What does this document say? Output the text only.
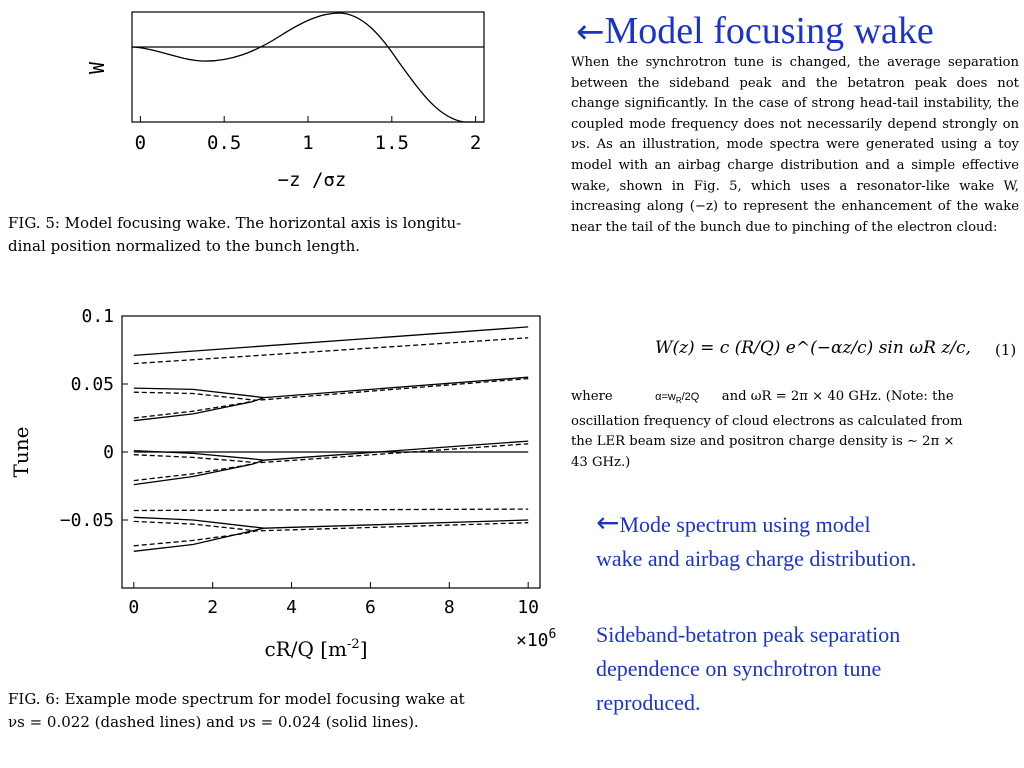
←Model focusing wake
0	0.5	1	1.5	2
W
−z /σz
FIG. 5: Model focusing wake. The horizontal axis is longitu-
dinal position normalized to the bunch length.
0	2	4	6	8	10
0.1
0.05
0
−0.05
Tune
cR/Q $[m^{-2}]$	$\times 10^6$
FIG. 6: Example mode spectrum for model focusing wake at
νs = 0.022 (dashed lines) and νs = 0.024 (solid lines).
When the synchrotron tune is changed, the average separation between the sideband peak and the betatron peak does not change significantly. In the case of strong head-tail instability, the coupled mode frequency does not necessarily depend strongly on νs. As an illustration, mode spectra were generated using a toy model with an airbag charge distribution and a simple effective wake, shown in Fig. 5, which uses a resonator-like wake W, increasing along (−z) to represent the enhancement of the wake near the tail of the bunch due to pinching of the electron cloud:
W(z) = c (R/Q) e^(−αz/c) sin ωR z/c, (1)
where	$\alpha=w_R/2Q$ and ωR = 2π × 40 GHz. (Note: the
oscillation frequency of cloud electrons as calculated from
the LER beam size and positron charge density is ∼ 2π ×
43 GHz.)
←Mode spectrum using model
wake and airbag charge distribution.
Sideband-betatron peak separation
dependence on synchrotron tune
reproduced.
